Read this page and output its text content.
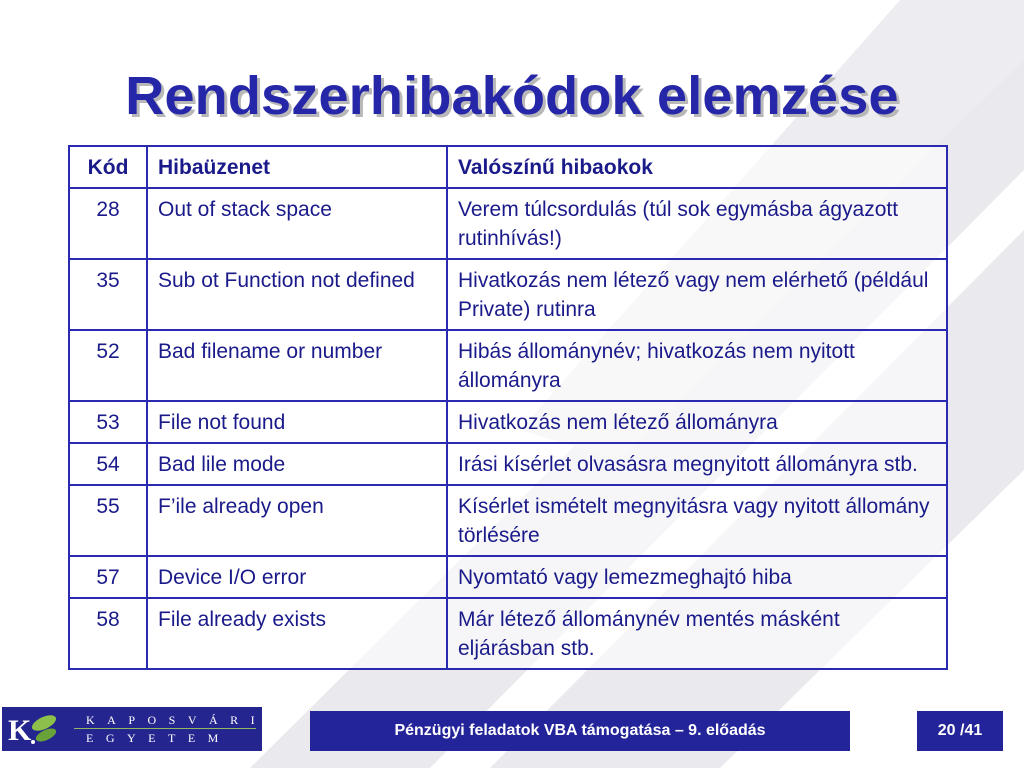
Rendszerhibakódok elemzése
Kód	Hibaüzenet	Valószínű hibaokok
28	Out of stack space	Verem túlcsordulás (túl sok egymásba ágyazott rutinhívás!)
35	Sub ot Function not defined	Hivatkozás nem létező vagy nem elérhető (például Private) rutinra
52	Bad filename or number	Hibás állománynév; hivatkozás nem nyitott állományra
53	File not found	Hivatkozás nem létező állományra
54	Bad lile mode	Irási kísérlet olvasásra megnyitott állományra stb.
55	F’ile already open	Kísérlet ismételt megnyitásra vagy nyitott állomány törlésére
57	Device I/O error	Nyomtató vagy lemezmeghajtó hiba
58	File already exists	Már létező állománynév mentés másként eljárásban stb.
K	KAPOSVÁRI
EGYETEM	Pénzügyi feladatok VBA támogatása – 9. előadás	20 /41
